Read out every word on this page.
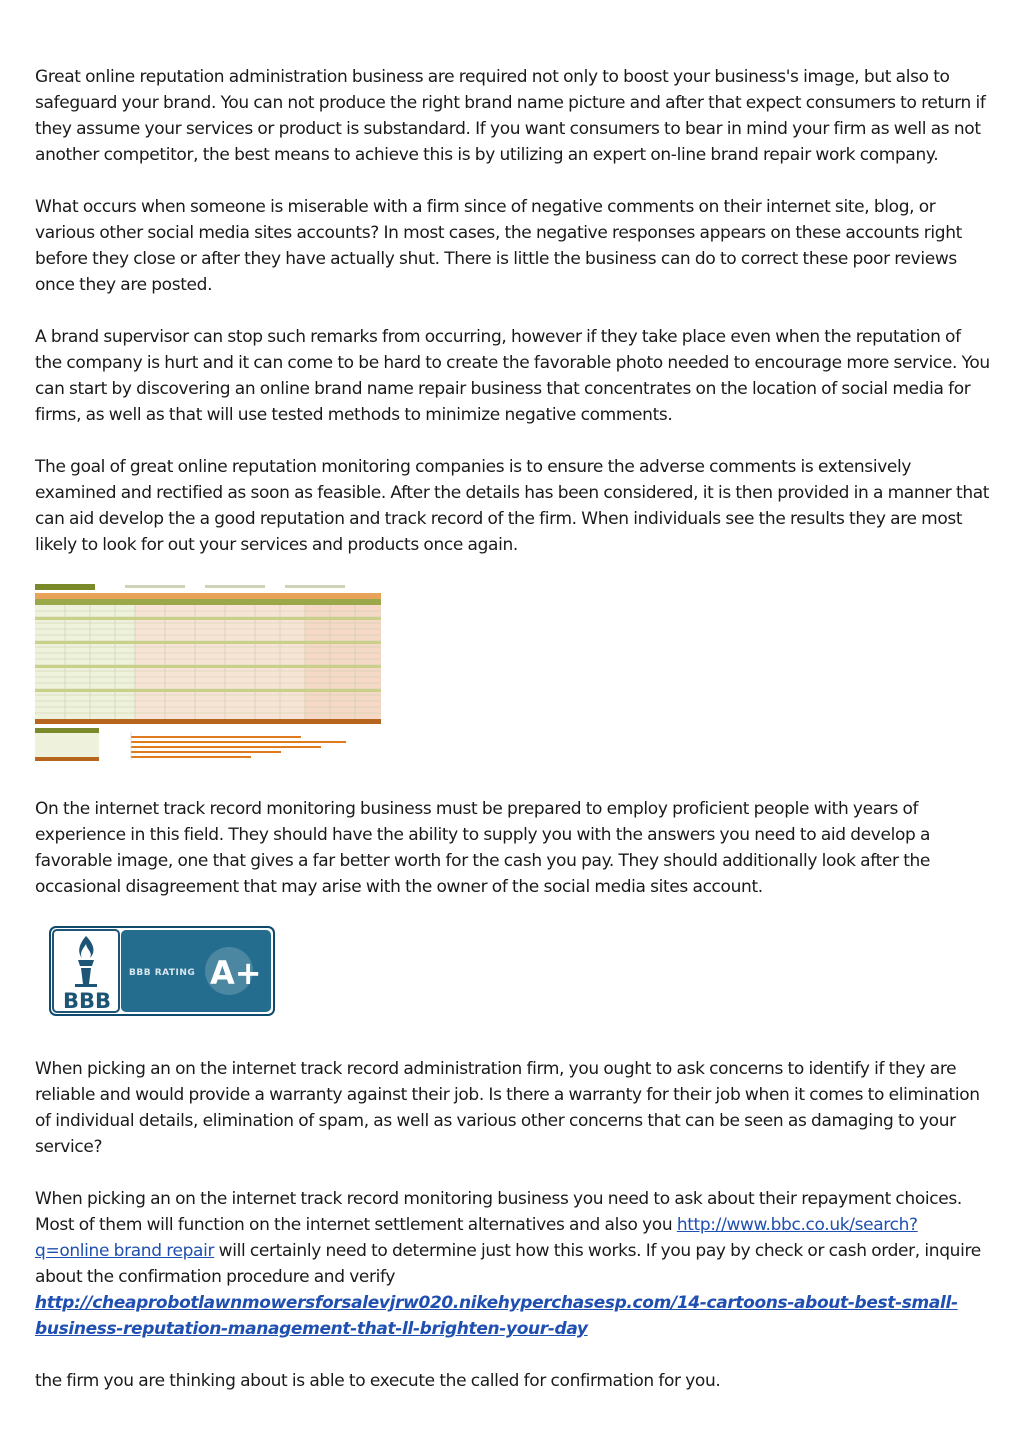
Great online reputation administration business are required not only to boost your business's image, but also to safeguard your brand. You can not produce the right brand name picture and after that expect consumers to return if they assume your services or product is substandard. If you want consumers to bear in mind your firm as well as not another competitor, the best means to achieve this is by utilizing an expert on-line brand repair work company.

What occurs when someone is miserable with a firm since of negative comments on their internet site, blog, or various other social media sites accounts? In most cases, the negative responses appears on these accounts right before they close or after they have actually shut. There is little the business can do to correct these poor reviews once they are posted.

A brand supervisor can stop such remarks from occurring, however if they take place even when the reputation of the company is hurt and it can come to be hard to create the favorable photo needed to encourage more service. You can start by discovering an online brand name repair business that concentrates on the location of social media for firms, as well as that will use tested methods to minimize negative comments.

The goal of great online reputation monitoring companies is to ensure the adverse comments is extensively examined and rectified as soon as feasible. After the details has been considered, it is then provided in a manner that can aid develop the a good reputation and track record of the firm. When individuals see the results they are most likely to look for out your services and products once again.

On the internet track record monitoring business must be prepared to employ proficient people with years of experience in this field. They should have the ability to supply you with the answers you need to aid develop a favorable image, one that gives a far better worth for the cash you pay. They should additionally look after the occasional disagreement that may arise with the owner of the social media sites account.

BBB
BBB RATING A+

When picking an on the internet track record administration firm, you ought to ask concerns to identify if they are reliable and would provide a warranty against their job. Is there a warranty for their job when it comes to elimination of individual details, elimination of spam, as well as various other concerns that can be seen as damaging to your service?

When picking an on the internet track record monitoring business you need to ask about their repayment choices. Most of them will function on the internet settlement alternatives and also you http://www.bbc.co.uk/search?q=online brand repair will certainly need to determine just how this works. If you pay by check or cash order, inquire about the confirmation procedure and verify
http://cheaprobotlawnmowersforsalevjrw020.nikehyperchasesp.com/14-cartoons-about-best-small-business-reputation-management-that-ll-brighten-your-day

the firm you are thinking about is able to execute the called for confirmation for you.
